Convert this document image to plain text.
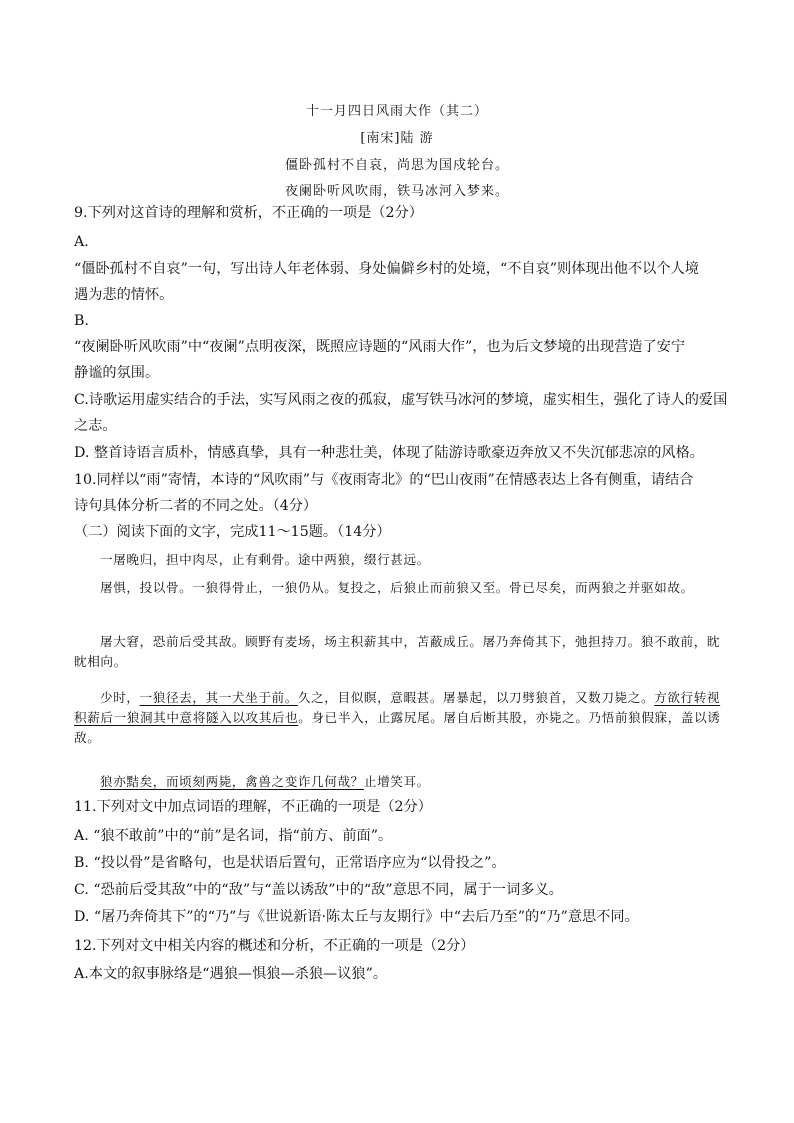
十一月四日风雨大作（其二）
[南宋]陆 游
僵卧孤村不自哀，尚思为国戍轮台。
夜阑卧听风吹雨，铁马冰河入梦来。
9.下列对这首诗的理解和赏析，不正确的一项是（2分）
A.
“僵卧孤村不自哀”一句，写出诗人年老体弱、身处偏僻乡村的处境，“不自哀”则体现出他不以个人境
遇为悲的情怀。
B.
“夜阑卧听风吹雨”中“夜阑”点明夜深，既照应诗题的“风雨大作”，也为后文梦境的出现营造了安宁
静谧的氛围。
C.诗歌运用虚实结合的手法，实写风雨之夜的孤寂，虚写铁马冰河的梦境，虚实相生，强化了诗人的爱国
之志。
D. 整首诗语言质朴，情感真挚，具有一种悲壮美，体现了陆游诗歌豪迈奔放又不失沉郁悲凉的风格。
10.同样以“雨”寄情，本诗的“风吹雨”与《夜雨寄北》的“巴山夜雨”在情感表达上各有侧重，请结合
诗句具体分析二者的不同之处。（4分）
（二）阅读下面的文字，完成11～15题。（14分）
一屠晚归，担中肉尽，止有剩骨。途中两狼，缀行甚远。
屠惧，投以骨。一狼得骨止，一狼仍从。复投之，后狼止而前狼又至。骨已尽矣，而两狼之并驱如故。
屠大窘，恐前后受其敌。顾野有麦场，场主积薪其中，苫蔽成丘。屠乃奔倚其下，弛担持刀。狼不敢前，眈眈相向。
少时，一狼径去，其一犬坐于前。久之，目似瞑，意暇甚。屠暴起，以刀劈狼首，又数刀毙之。方欲行转视积薪后一狼洞其中意将隧入以攻其后也。身已半入，止露尻尾。屠自后断其股，亦毙之。乃悟前狼假寐，盖以诱敌。
狼亦黠矣，而顷刻两毙，禽兽之变诈几何哉？止增笑耳。
11.下列对文中加点词语的理解，不正确的一项是（2分）
A. “狼不敢前”中的“前”是名词，指“前方、前面”。
B. “投以骨”是省略句，也是状语后置句，正常语序应为“以骨投之”。
C. “恐前后受其敌”中的“敌”与“盖以诱敌”中的“敌”意思不同，属于一词多义。
D. “屠乃奔倚其下”的“乃”与《世说新语·陈太丘与友期行》中“去后乃至”的“乃”意思不同。
12.下列对文中相关内容的概述和分析，不正确的一项是（2分）
A.本文的叙事脉络是“遇狼—惧狼—杀狼—议狼”。
